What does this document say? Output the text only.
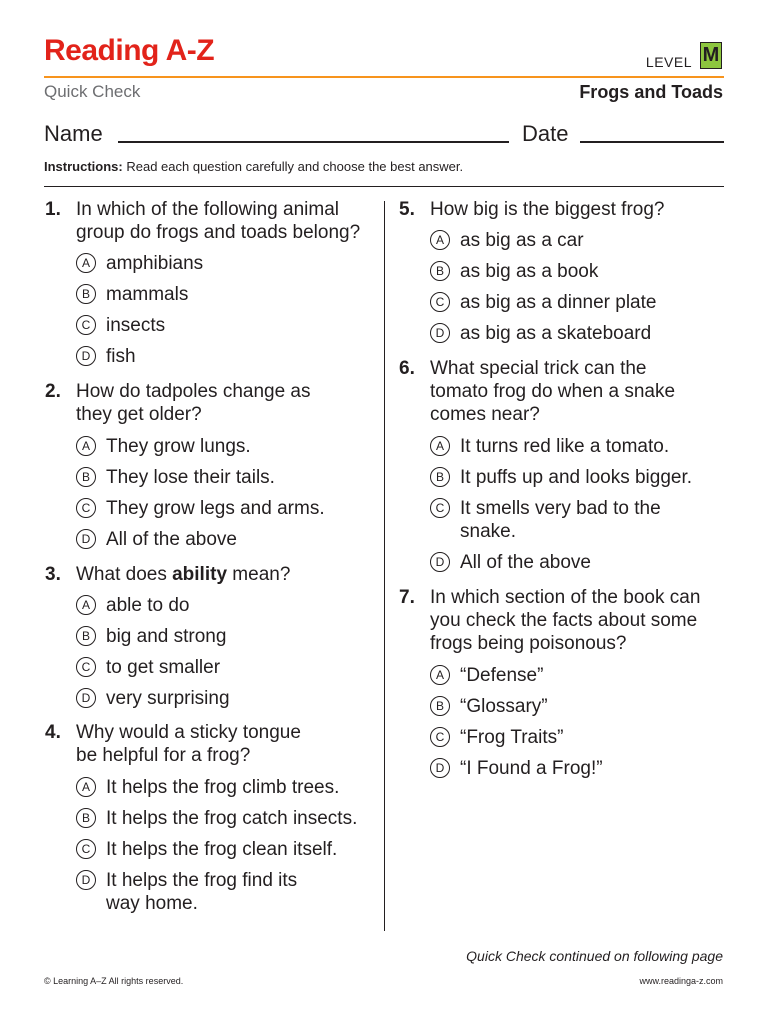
Reading A-Z	LEVEL M
Quick Check	Frogs and Toads
Name	Date
Instructions: Read each question carefully and choose the best answer.
1. In which of the following animal
group do frogs and toads belong?
A amphibians
B mammals
C insects
D fish
2. How do tadpoles change as
they get older?
A They grow lungs.
B They lose their tails.
C They grow legs and arms.
D All of the above
3. What does ability mean?
A able to do
B big and strong
C to get smaller
D very surprising
4. Why would a sticky tongue
be helpful for a frog?
A It helps the frog climb trees.
B It helps the frog catch insects.
C It helps the frog clean itself.
D It helps the frog find its
way home.
5. How big is the biggest frog?
A as big as a car
B as big as a book
C as big as a dinner plate
D as big as a skateboard
6. What special trick can the
tomato frog do when a snake
comes near?
A It turns red like a tomato.
B It puffs up and looks bigger.
C It smells very bad to the
snake.
D All of the above
7. In which section of the book can
you check the facts about some
frogs being poisonous?
A “Defense”
B “Glossary”
C “Frog Traits”
D “I Found a Frog!”
Quick Check continued on following page
© Learning A–Z All rights reserved.	www.readinga-z.com
